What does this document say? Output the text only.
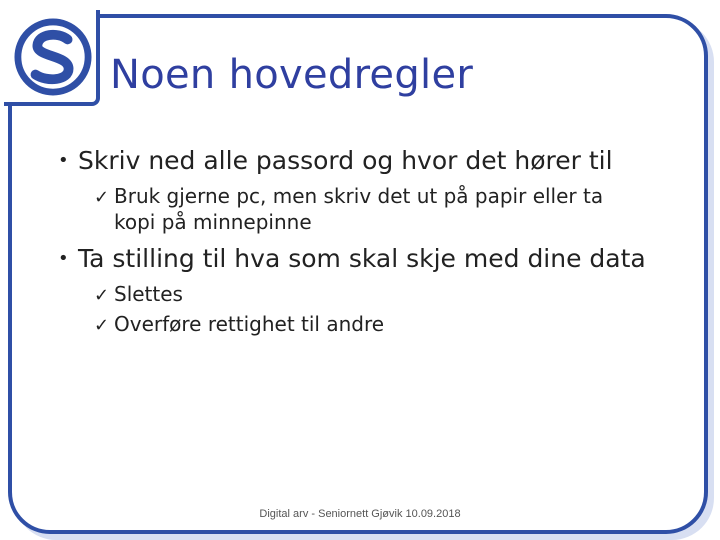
Noen hovedregler
• Skriv ned alle passord og hvor det hører til
✓ Bruk gjerne pc, men skriv det ut på papir eller ta
kopi på minnepinne
• Ta stilling til hva som skal skje med dine data
✓ Slettes
✓ Overføre rettighet til andre
Digital arv - Seniornett Gjøvik 10.09.2018
